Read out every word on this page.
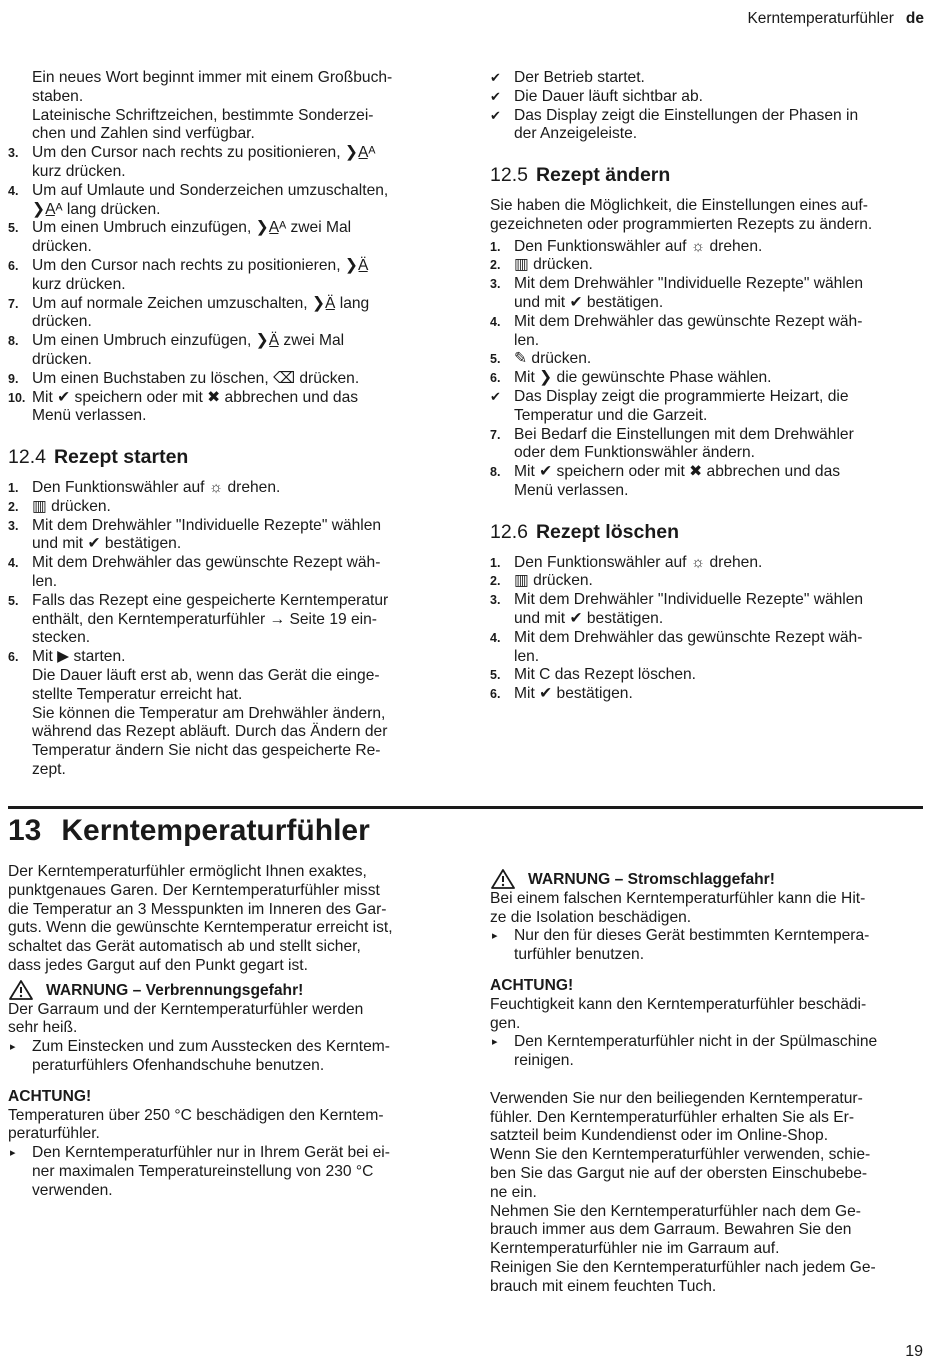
Kerntemperaturfühler de
Ein neues Wort beginnt immer mit einem Großbuch-
staben.
Lateinische Schriftzeichen, bestimmte Sonderzei-
chen und Zahlen sind verfügbar.
3. Um den Cursor nach rechts zu positionieren, ❯A̲ᴬ
kurz drücken.
4. Um auf Umlaute und Sonderzeichen umzuschalten,
❯A̲ᴬ lang drücken.
5. Um einen Umbruch einzufügen, ❯A̲ᴬ zwei Mal
drücken.
6. Um den Cursor nach rechts zu positionieren, ❯Ä̲
kurz drücken.
7. Um auf normale Zeichen umzuschalten, ❯Ä̲ lang
drücken.
8. Um einen Umbruch einzufügen, ❯Ä̲ zwei Mal
drücken.
9. Um einen Buchstaben zu löschen, ⌫ drücken.
10. Mit ✔ speichern oder mit ✖ abbrechen und das
Menü verlassen.
12.4 Rezept starten
1. Den Funktionswähler auf ☼ drehen.
2. ▥ drücken.
3. Mit dem Drehwähler "Individuelle Rezepte" wählen
und mit ✔ bestätigen.
4. Mit dem Drehwähler das gewünschte Rezept wäh-
len.
5. Falls das Rezept eine gespeicherte Kerntemperatur
enthält, den Kerntemperaturfühler → Seite 19 ein-
stecken.
6. Mit ▶ starten.
Die Dauer läuft erst ab, wenn das Gerät die einge-
stellte Temperatur erreicht hat.
Sie können die Temperatur am Drehwähler ändern,
während das Rezept abläuft. Durch das Ändern der
Temperatur ändern Sie nicht das gespeicherte Re-
zept.
✔ Der Betrieb startet.
✔ Die Dauer läuft sichtbar ab.
✔ Das Display zeigt die Einstellungen der Phasen in
der Anzeigeleiste.
12.5 Rezept ändern
Sie haben die Möglichkeit, die Einstellungen eines auf-
gezeichneten oder programmierten Rezepts zu ändern.
1. Den Funktionswähler auf ☼ drehen.
2. ▥ drücken.
3. Mit dem Drehwähler "Individuelle Rezepte" wählen
und mit ✔ bestätigen.
4. Mit dem Drehwähler das gewünschte Rezept wäh-
len.
5. ✎ drücken.
6. Mit ❯ die gewünschte Phase wählen.
✔ Das Display zeigt die programmierte Heizart, die
Temperatur und die Garzeit.
7. Bei Bedarf die Einstellungen mit dem Drehwähler
oder dem Funktionswähler ändern.
8. Mit ✔ speichern oder mit ✖ abbrechen und das
Menü verlassen.
12.6 Rezept löschen
1. Den Funktionswähler auf ☼ drehen.
2. ▥ drücken.
3. Mit dem Drehwähler "Individuelle Rezepte" wählen
und mit ✔ bestätigen.
4. Mit dem Drehwähler das gewünschte Rezept wäh-
len.
5. Mit C das Rezept löschen.
6. Mit ✔ bestätigen.
13 Kerntemperaturfühler
Der Kerntemperaturfühler ermöglicht Ihnen exaktes,
punktgenaues Garen. Der Kerntemperaturfühler misst
die Temperatur an 3 Messpunkten im Inneren des Gar-
guts. Wenn die gewünschte Kerntemperatur erreicht ist,
schaltet das Gerät automatisch ab und stellt sicher,
dass jedes Gargut auf den Punkt gegart ist.
WARNUNG – Verbrennungsgefahr!
Der Garraum und der Kerntemperaturfühler werden
sehr heiß.
▸ Zum Einstecken und zum Ausstecken des Kerntem-
peraturfühlers Ofenhandschuhe benutzen.
ACHTUNG!
Temperaturen über 250 °C beschädigen den Kerntem-
peraturfühler.
▸ Den Kerntemperaturfühler nur in Ihrem Gerät bei ei-
ner maximalen Temperatureinstellung von 230 °C
verwenden.
WARNUNG – Stromschlaggefahr!
Bei einem falschen Kerntemperaturfühler kann die Hit-
ze die Isolation beschädigen.
▸ Nur den für dieses Gerät bestimmten Kerntempera-
turfühler benutzen.
ACHTUNG!
Feuchtigkeit kann den Kerntemperaturfühler beschädi-
gen.
▸ Den Kerntemperaturfühler nicht in der Spülmaschine
reinigen.
Verwenden Sie nur den beiliegenden Kerntemperatur-
fühler. Den Kerntemperaturfühler erhalten Sie als Er-
satzteil beim Kundendienst oder im Online-Shop.
Wenn Sie den Kerntemperaturfühler verwenden, schie-
ben Sie das Gargut nie auf der obersten Einschubebe-
ne ein.
Nehmen Sie den Kerntemperaturfühler nach dem Ge-
brauch immer aus dem Garraum. Bewahren Sie den
Kerntemperaturfühler nie im Garraum auf.
Reinigen Sie den Kerntemperaturfühler nach jedem Ge-
brauch mit einem feuchten Tuch.
19
